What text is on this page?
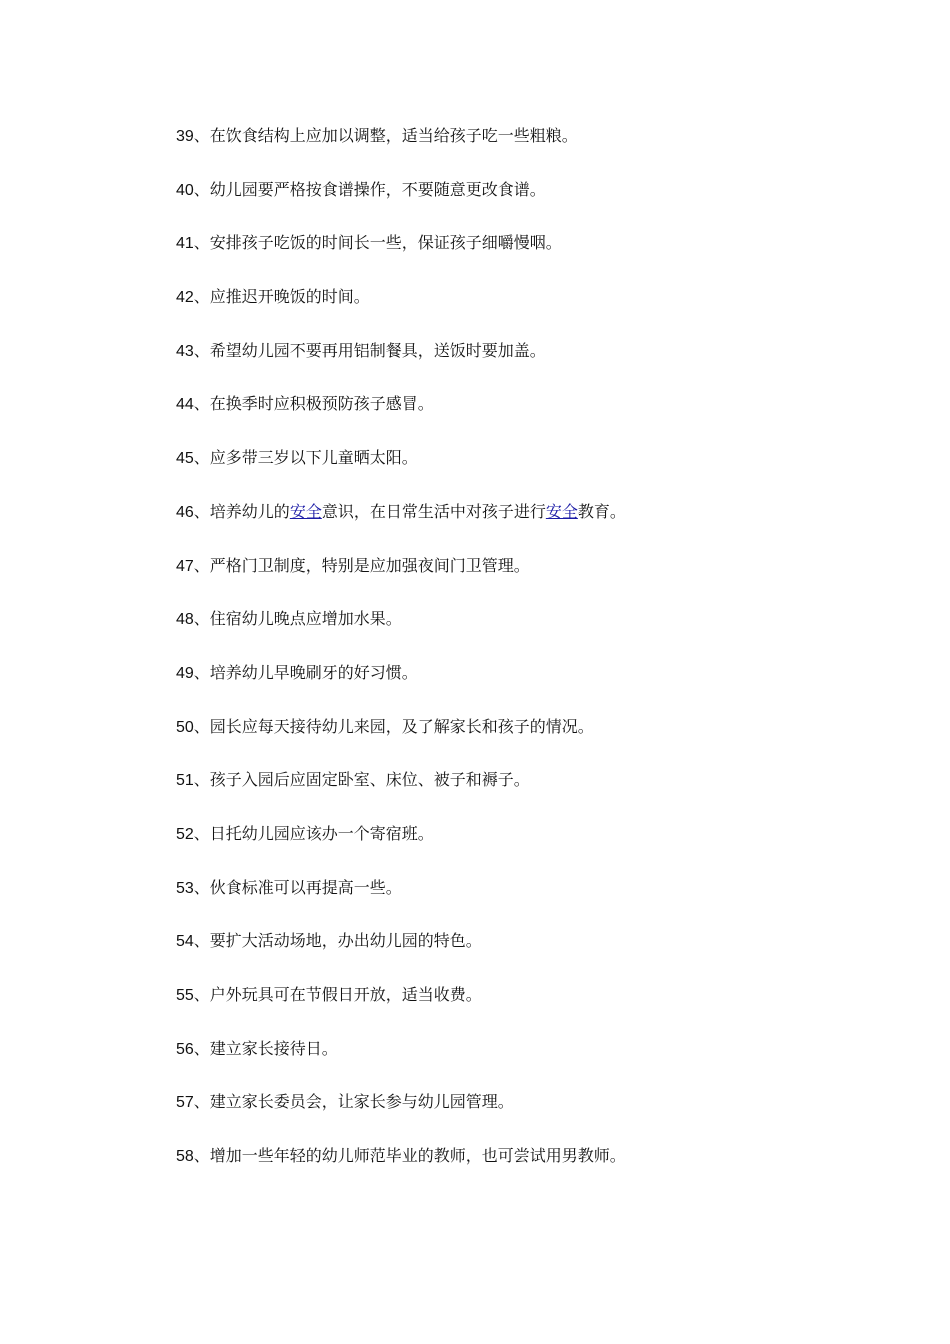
39、在饮食结构上应加以调整，适当给孩子吃一些粗粮。
40、幼儿园要严格按食谱操作，不要随意更改食谱。
41、安排孩子吃饭的时间长一些，保证孩子细嚼慢咽。
42、应推迟开晚饭的时间。
43、希望幼儿园不要再用铝制餐具，送饭时要加盖。
44、在换季时应积极预防孩子感冒。
45、应多带三岁以下儿童晒太阳。
46、培养幼儿的安全意识，在日常生活中对孩子进行安全教育。
47、严格门卫制度，特别是应加强夜间门卫管理。
48、住宿幼儿晚点应增加水果。
49、培养幼儿早晚刷牙的好习惯。
50、园长应每天接待幼儿来园，及了解家长和孩子的情况。
51、孩子入园后应固定卧室、床位、被子和褥子。
52、日托幼儿园应该办一个寄宿班。
53、伙食标准可以再提高一些。
54、要扩大活动场地，办出幼儿园的特色。
55、户外玩具可在节假日开放，适当收费。
56、建立家长接待日。
57、建立家长委员会，让家长参与幼儿园管理。
58、增加一些年轻的幼儿师范毕业的教师，也可尝试用男教师。
